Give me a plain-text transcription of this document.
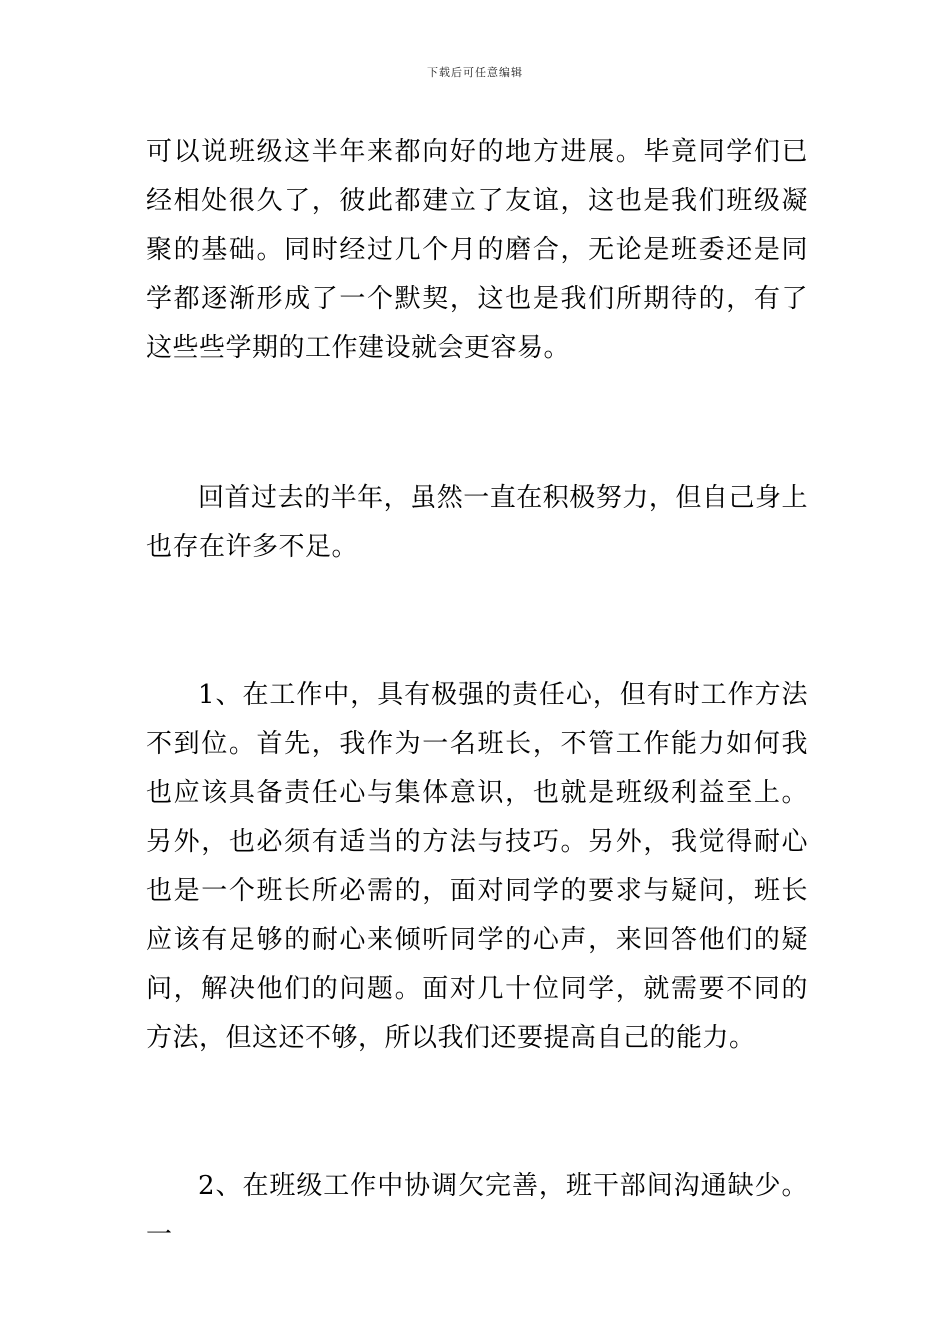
下载后可任意编辑

可以说班级这半年来都向好的地方进展。毕竟同学们已经相处很久了，彼此都建立了友谊，这也是我们班级凝聚的基础。同时经过几个月的磨合，无论是班委还是同学都逐渐形成了一个默契，这也是我们所期待的，有了这些些学期的工作建设就会更容易。

回首过去的半年，虽然一直在积极努力，但自己身上也存在许多不足。

1、在工作中，具有极强的责任心，但有时工作方法不到位。首先，我作为一名班长，不管工作能力如何我也应该具备责任心与集体意识，也就是班级利益至上。另外，也必须有适当的方法与技巧。另外，我觉得耐心也是一个班长所必需的，面对同学的要求与疑问，班长应该有足够的耐心来倾听同学的心声，来回答他们的疑问，解决他们的问题。面对几十位同学，就需要不同的方法，但这还不够，所以我们还要提高自己的能力。

2、在班级工作中协调欠完善，班干部间沟通缺少。一
